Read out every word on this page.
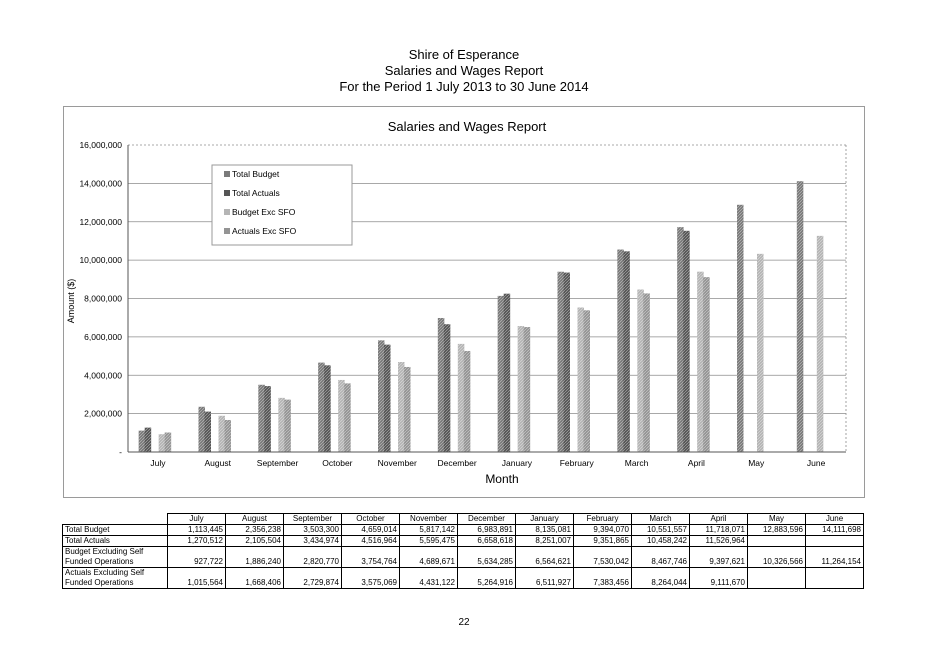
Shire of Esperance
Salaries and Wages Report
For the Period 1 July 2013 to 30 June 2014
-
2,000,000
4,000,000
6,000,000
8,000,000
10,000,000
12,000,000
14,000,000
16,000,000
July	August	September	October	November December	January	February	March	April	May	June
Salaries and Wages Report
Month
Amount ($)
Total Budget
Total Actuals
Budget Exc SFO
Actuals Exc SFO
	July	August	September	October	November	December	January	February	March	April	May	June
Total Budget	1,113,445	2,356,238	3,503,300	4,659,014	5,817,142	6,983,891	8,135,081	9,394,070	10,551,557	11,718,071	12,883,596	14,111,698
Total Actuals	1,270,512	2,105,504	3,434,974	4,516,964	5,595,475	6,658,618	8,251,007	9,351,865	10,458,242	11,526,964		
Budget Excluding Self Funded Operations	927,722	1,886,240	2,820,770	3,754,764	4,689,671	5,634,285	6,564,621	7,530,042	8,467,746	9,397,621	10,326,566	11,264,154
Actuals Excluding Self Funded Operations	1,015,564	1,668,406	2,729,874	3,575,069	4,431,122	5,264,916	6,511,927	7,383,456	8,264,044	9,111,670		
22
